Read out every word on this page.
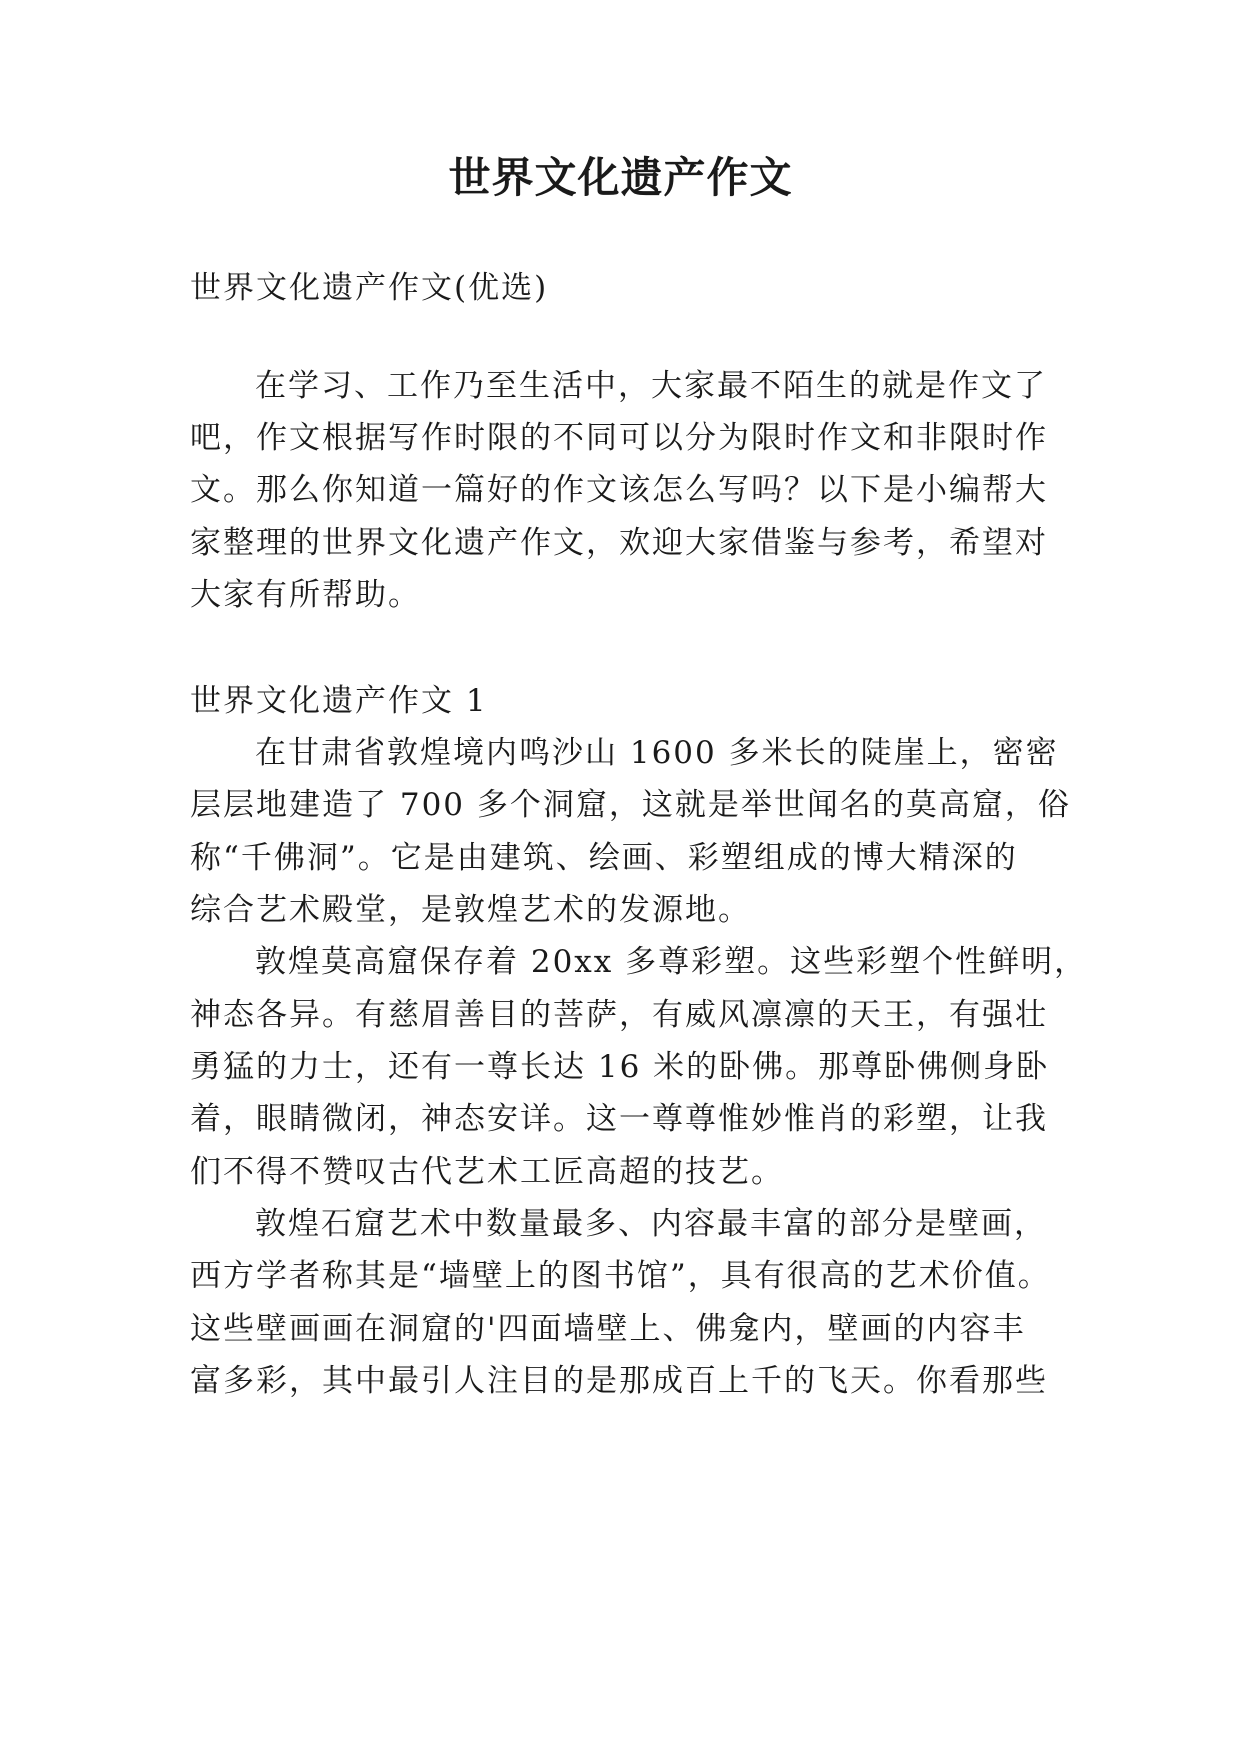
世界文化遗产作文
世界文化遗产作文(优选)
在学习、工作乃至生活中，大家最不陌生的就是作文了
吧，作文根据写作时限的不同可以分为限时作文和非限时作
文。那么你知道一篇好的作文该怎么写吗？以下是小编帮大
家整理的世界文化遗产作文，欢迎大家借鉴与参考，希望对
大家有所帮助。
世界文化遗产作文 1
在甘肃省敦煌境内鸣沙山 1600 多米长的陡崖上，密密
层层地建造了 700 多个洞窟，这就是举世闻名的莫高窟，俗
称“千佛洞”。它是由建筑、绘画、彩塑组成的博大精深的
综合艺术殿堂，是敦煌艺术的发源地。
敦煌莫高窟保存着 20xx 多尊彩塑。这些彩塑个性鲜明，
神态各异。有慈眉善目的菩萨，有威风凛凛的天王，有强壮
勇猛的力士，还有一尊长达 16 米的卧佛。那尊卧佛侧身卧
着，眼睛微闭，神态安详。这一尊尊惟妙惟肖的彩塑，让我
们不得不赞叹古代艺术工匠高超的技艺。
敦煌石窟艺术中数量最多、内容最丰富的部分是壁画，
西方学者称其是“墙壁上的图书馆”，具有很高的艺术价值。
这些壁画画在洞窟的'四面墙壁上、佛龛内，壁画的内容丰
富多彩，其中最引人注目的是那成百上千的飞天。你看那些
